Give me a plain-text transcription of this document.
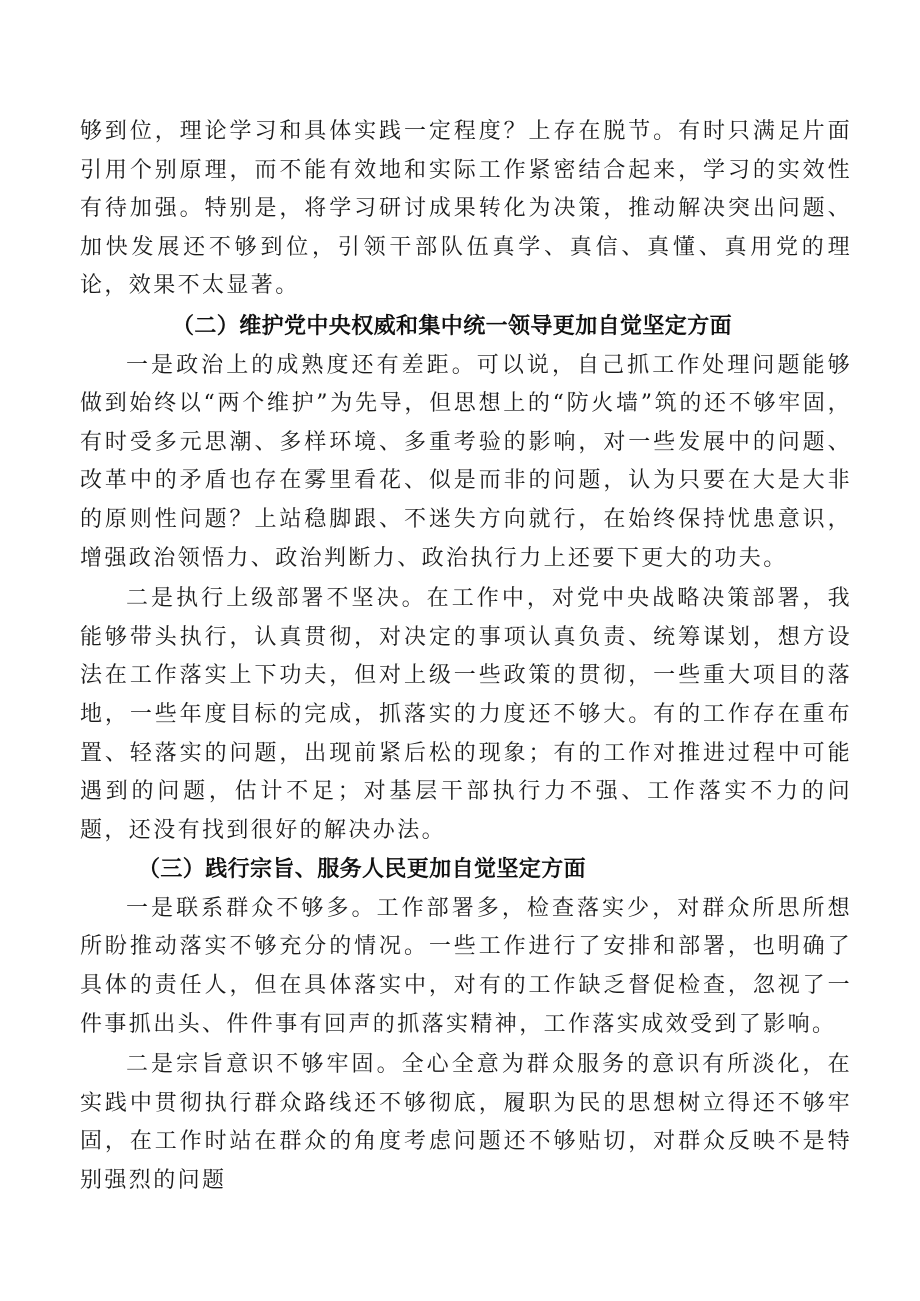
够到位，理论学习和具体实践一定程度？上存在脱节。有时只满足片面引用个别原理，而不能有效地和实际工作紧密结合起来，学习的实效性有待加强。特别是，将学习研讨成果转化为决策，推动解决突出问题、加快发展还不够到位，引领干部队伍真学、真信、真懂、真用党的理论，效果不太显著。

（二）维护党中央权威和集中统一领导更加自觉坚定方面

一是政治上的成熟度还有差距。可以说，自己抓工作处理问题能够做到始终以“两个维护”为先导，但思想上的“防火墙”筑的还不够牢固，有时受多元思潮、多样环境、多重考验的影响，对一些发展中的问题、改革中的矛盾也存在雾里看花、似是而非的问题，认为只要在大是大非的原则性问题？上站稳脚跟、不迷失方向就行，在始终保持忧患意识，增强政治领悟力、政治判断力、政治执行力上还要下更大的功夫。

二是执行上级部署不坚决。在工作中，对党中央战略决策部署，我能够带头执行，认真贯彻，对决定的事项认真负责、统筹谋划，想方设法在工作落实上下功夫，但对上级一些政策的贯彻，一些重大项目的落地，一些年度目标的完成，抓落实的力度还不够大。有的工作存在重布置、轻落实的问题，出现前紧后松的现象；有的工作对推进过程中可能遇到的问题，估计不足；对基层干部执行力不强、工作落实不力的问题，还没有找到很好的解决办法。

（三）践行宗旨、服务人民更加自觉坚定方面

一是联系群众不够多。工作部署多，检查落实少，对群众所思所想所盼推动落实不够充分的情况。一些工作进行了安排和部署，也明确了具体的责任人，但在具体落实中，对有的工作缺乏督促检查，忽视了一件事抓出头、件件事有回声的抓落实精神，工作落实成效受到了影响。

二是宗旨意识不够牢固。全心全意为群众服务的意识有所淡化，在实践中贯彻执行群众路线还不够彻底，履职为民的思想树立得还不够牢固，在工作时站在群众的角度考虑问题还不够贴切，对群众反映不是特别强烈的问题
